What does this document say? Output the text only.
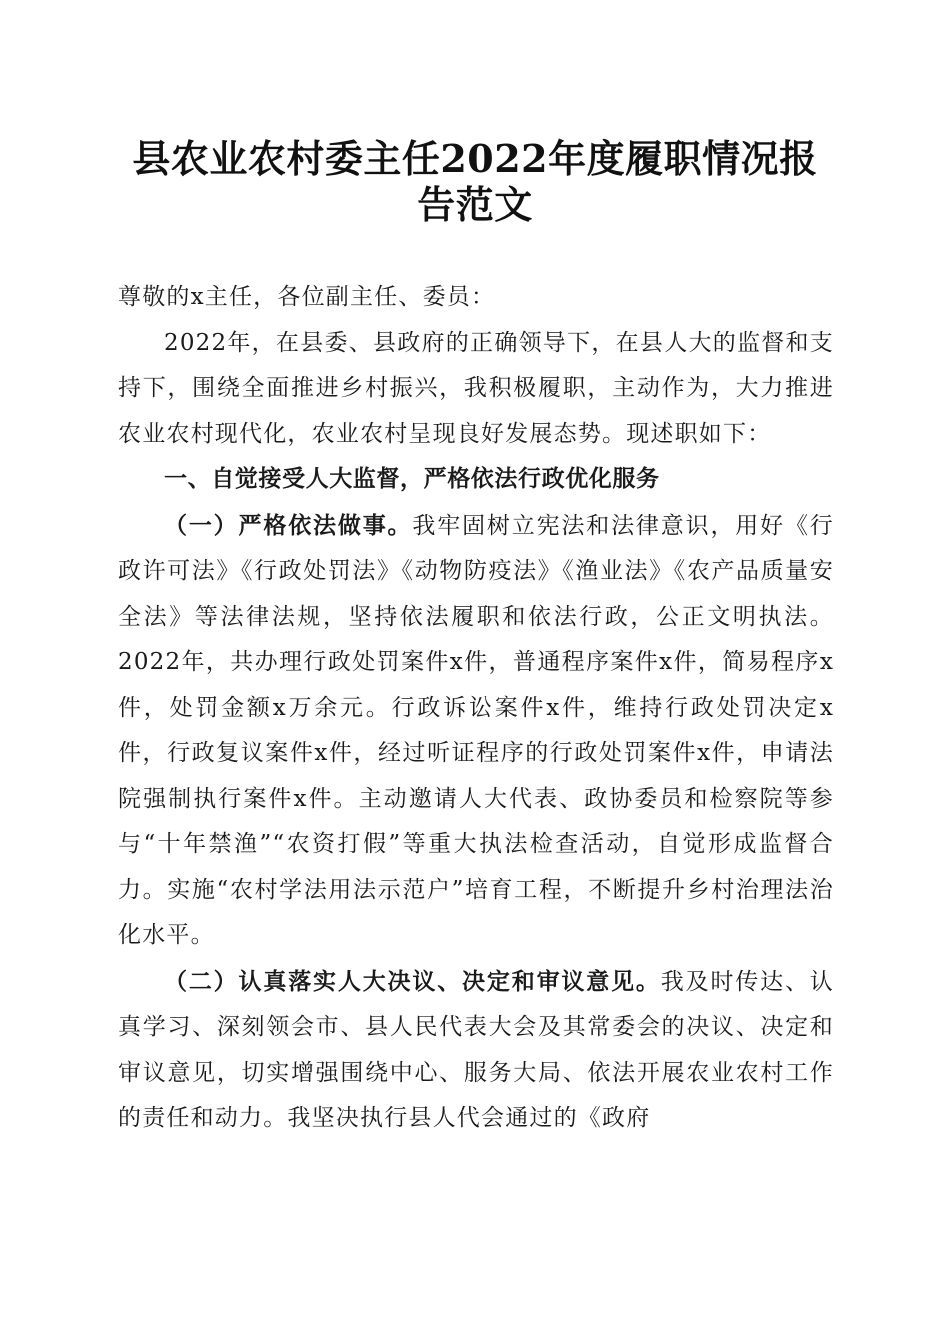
县农业农村委主任2022年度履职情况报告范文

尊敬的x主任，各位副主任、委员：

2022年，在县委、县政府的正确领导下，在县人大的监督和支持下，围绕全面推进乡村振兴，我积极履职，主动作为，大力推进农业农村现代化，农业农村呈现良好发展态势。现述职如下：

一、自觉接受人大监督，严格依法行政优化服务

（一）严格依法做事。我牢固树立宪法和法律意识，用好《行政许可法》《行政处罚法》《动物防疫法》《渔业法》《农产品质量安全法》等法律法规，坚持依法履职和依法行政，公正文明执法。2022年，共办理行政处罚案件x件，普通程序案件x件，简易程序x件，处罚金额x万余元。行政诉讼案件x件，维持行政处罚决定x件，行政复议案件x件，经过听证程序的行政处罚案件x件，申请法院强制执行案件x件。主动邀请人大代表、政协委员和检察院等参与“十年禁渔”“农资打假”等重大执法检查活动，自觉形成监督合力。实施“农村学法用法示范户”培育工程，不断提升乡村治理法治化水平。

（二）认真落实人大决议、决定和审议意见。我及时传达、认真学习、深刻领会市、县人民代表大会及其常委会的决议、决定和审议意见，切实增强围绕中心、服务大局、依法开展农业农村工作的责任和动力。我坚决执行县人代会通过的《政府
